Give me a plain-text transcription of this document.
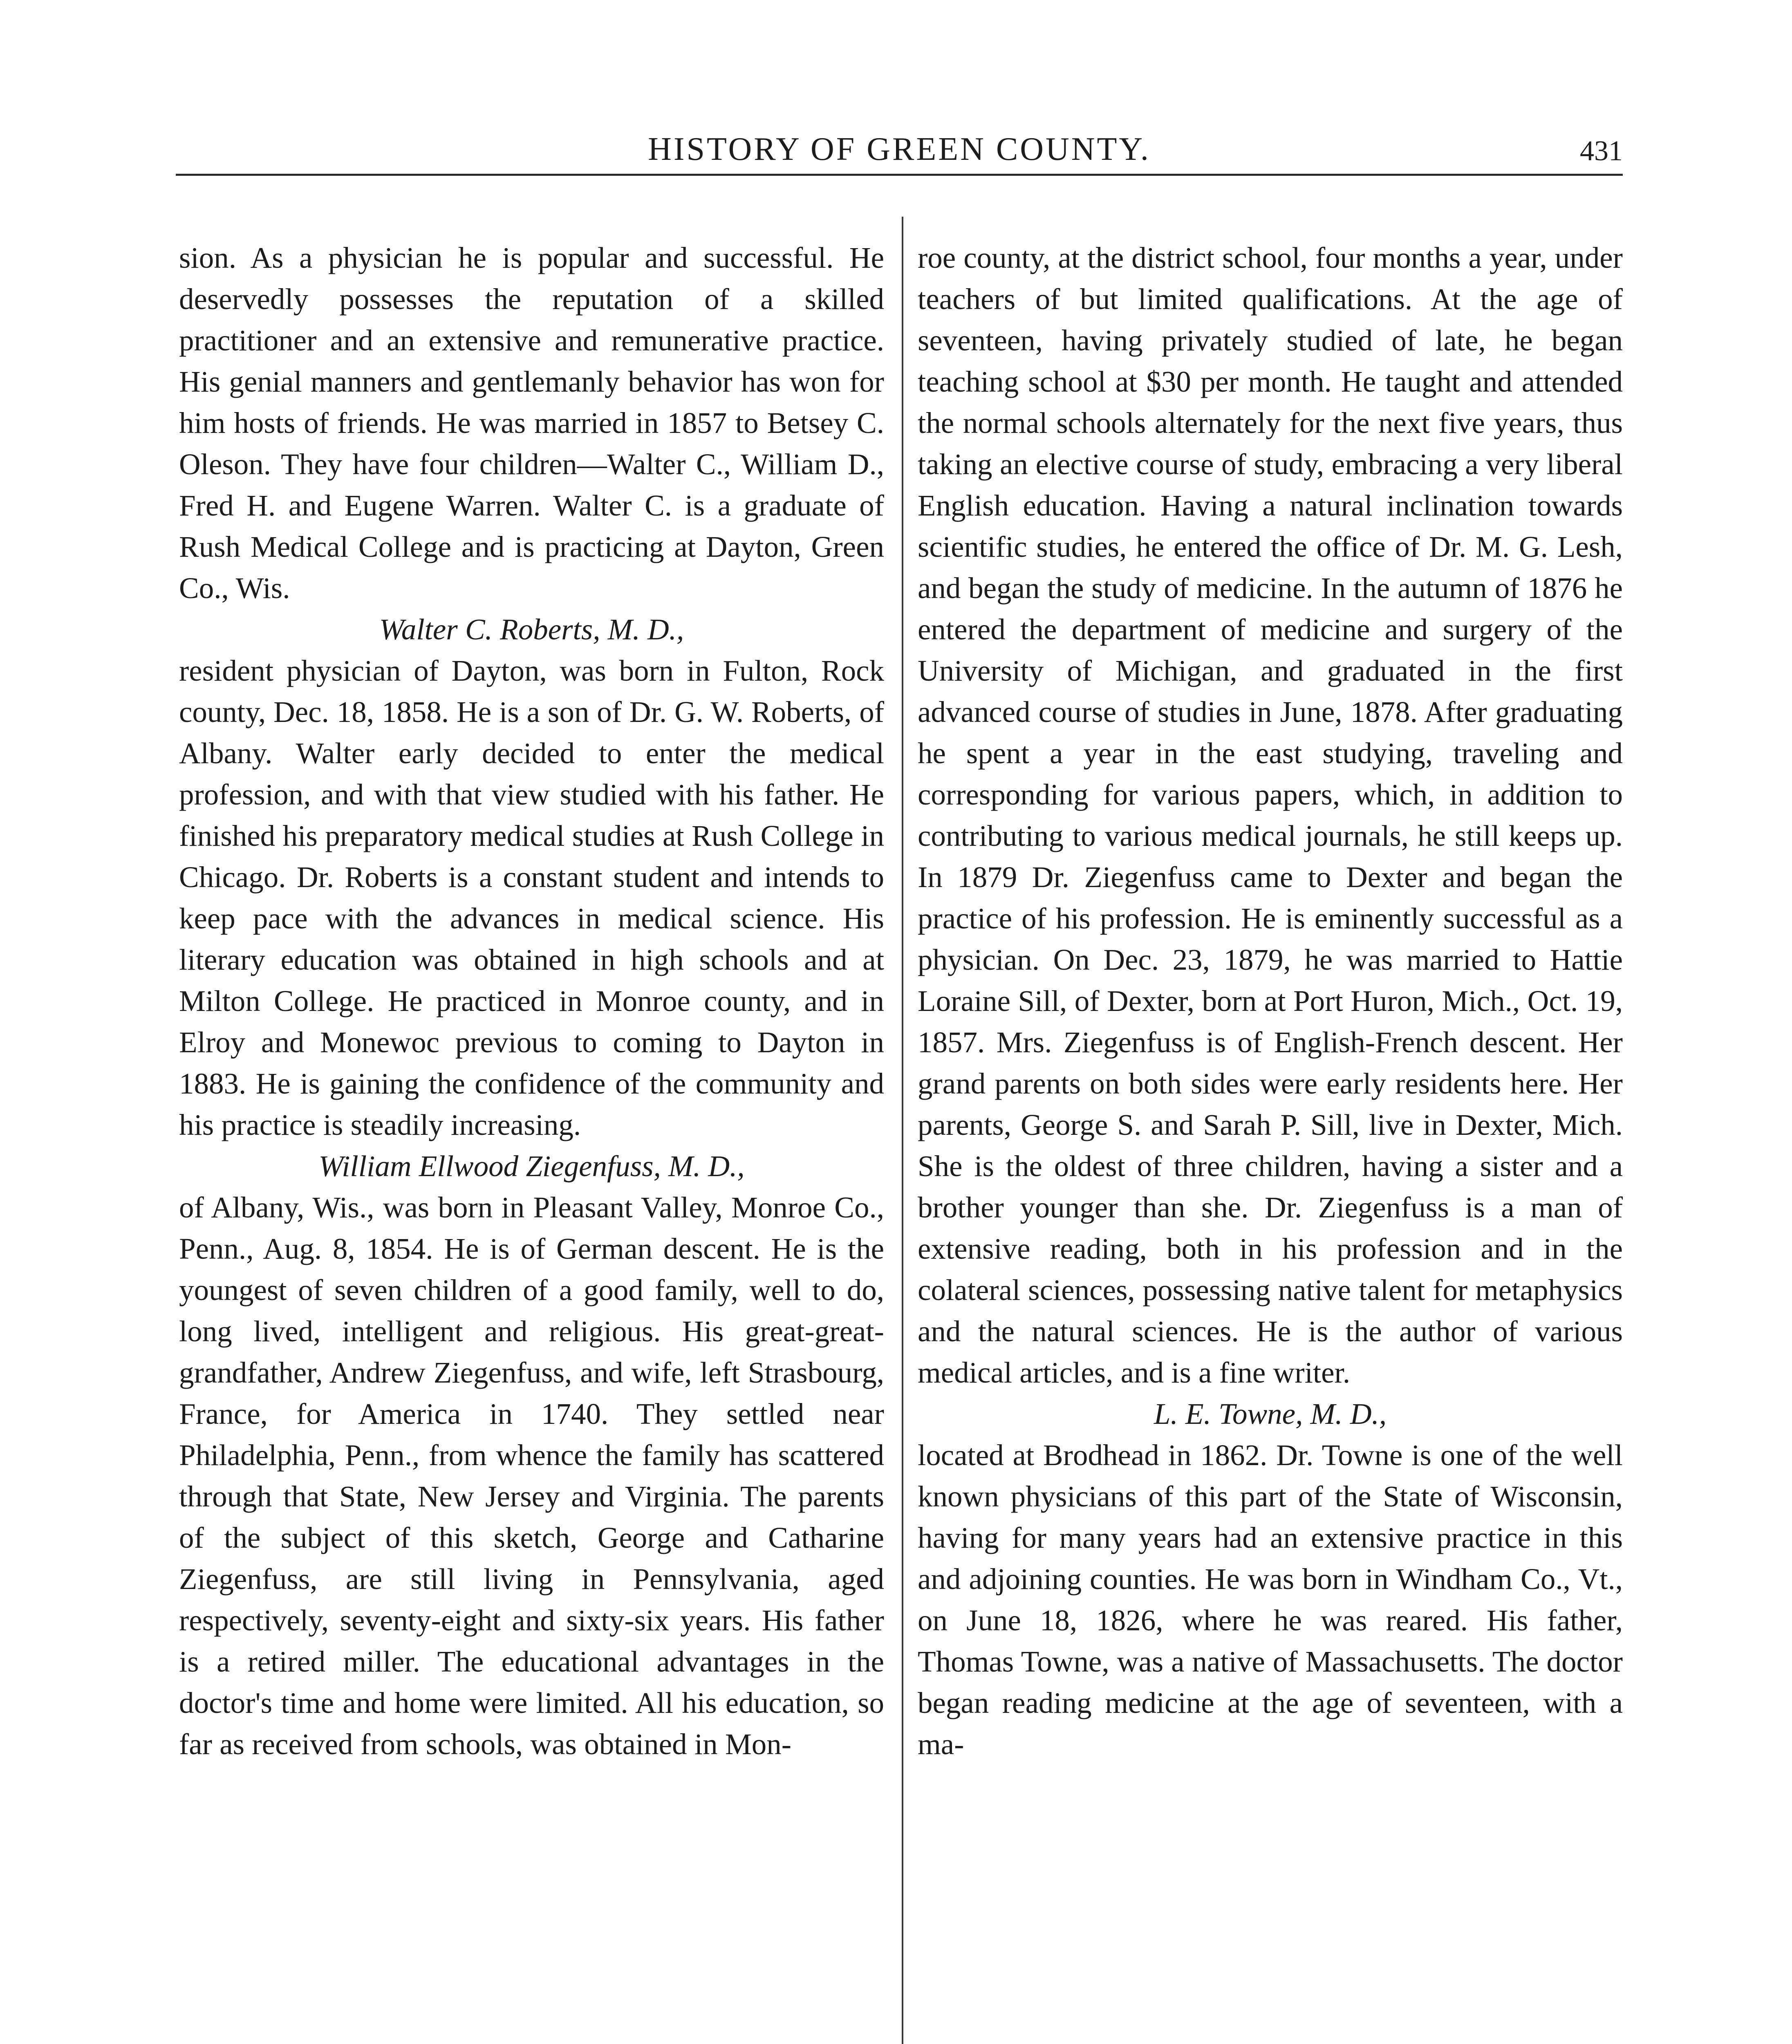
HISTORY OF GREEN COUNTY.	431

sion. As a physician he is popular and successful. He deservedly possesses the reputation of a skilled practitioner and an extensive and remunerative practice. His genial manners and gentlemanly behavior has won for him hosts of friends. He was married in 1857 to Betsey C. Oleson. They have four children—Walter C., William D., Fred H. and Eugene Warren. Walter C. is a graduate of Rush Medical College and is practicing at Dayton, Green Co., Wis.

Walter C. Roberts, M. D.,

resident physician of Dayton, was born in Fulton, Rock county, Dec. 18, 1858. He is a son of Dr. G. W. Roberts, of Albany. Walter early decided to enter the medical profession, and with that view studied with his father. He finished his preparatory medical studies at Rush College in Chicago. Dr. Roberts is a constant student and intends to keep pace with the advances in medical science. His literary education was obtained in high schools and at Milton College. He practiced in Monroe county, and in Elroy and Monewoc previous to coming to Dayton in 1883. He is gaining the confidence of the community and his practice is steadily increasing.

William Ellwood Ziegenfuss, M. D.,

of Albany, Wis., was born in Pleasant Valley, Monroe Co., Penn., Aug. 8, 1854. He is of German descent. He is the youngest of seven children of a good family, well to do, long lived, intelligent and religious. His great-great-grandfather, Andrew Ziegenfuss, and wife, left Strasbourg, France, for America in 1740. They settled near Philadelphia, Penn., from whence the family has scattered through that State, New Jersey and Virginia. The parents of the subject of this sketch, George and Catharine Ziegenfuss, are still living in Pennsylvania, aged respectively, seventy-eight and sixty-six years. His father is a retired miller. The educational advantages in the doctor's time and home were limited. All his education, so far as received from schools, was obtained in Mon-

roe county, at the district school, four months a year, under teachers of but limited qualifications. At the age of seventeen, having privately studied of late, he began teaching school at $30 per month. He taught and attended the normal schools alternately for the next five years, thus taking an elective course of study, embracing a very liberal English education. Having a natural inclination towards scientific studies, he entered the office of Dr. M. G. Lesh, and began the study of medicine. In the autumn of 1876 he entered the department of medicine and surgery of the University of Michigan, and graduated in the first advanced course of studies in June, 1878. After graduating he spent a year in the east studying, traveling and corresponding for various papers, which, in addition to contributing to various medical journals, he still keeps up. In 1879 Dr. Ziegenfuss came to Dexter and began the practice of his profession. He is eminently successful as a physician. On Dec. 23, 1879, he was married to Hattie Loraine Sill, of Dexter, born at Port Huron, Mich., Oct. 19, 1857. Mrs. Ziegenfuss is of English-French descent. Her grand parents on both sides were early residents here. Her parents, George S. and Sarah P. Sill, live in Dexter, Mich. She is the oldest of three children, having a sister and a brother younger than she. Dr. Ziegenfuss is a man of extensive reading, both in his profession and in the colateral sciences, possessing native talent for metaphysics and the natural sciences. He is the author of various medical articles, and is a fine writer.

L. E. Towne, M. D.,

located at Brodhead in 1862. Dr. Towne is one of the well known physicians of this part of the State of Wisconsin, having for many years had an extensive practice in this and adjoining counties. He was born in Windham Co., Vt., on June 18, 1826, where he was reared. His father, Thomas Towne, was a native of Massachusetts. The doctor began reading medicine at the age of seventeen, with a ma-
